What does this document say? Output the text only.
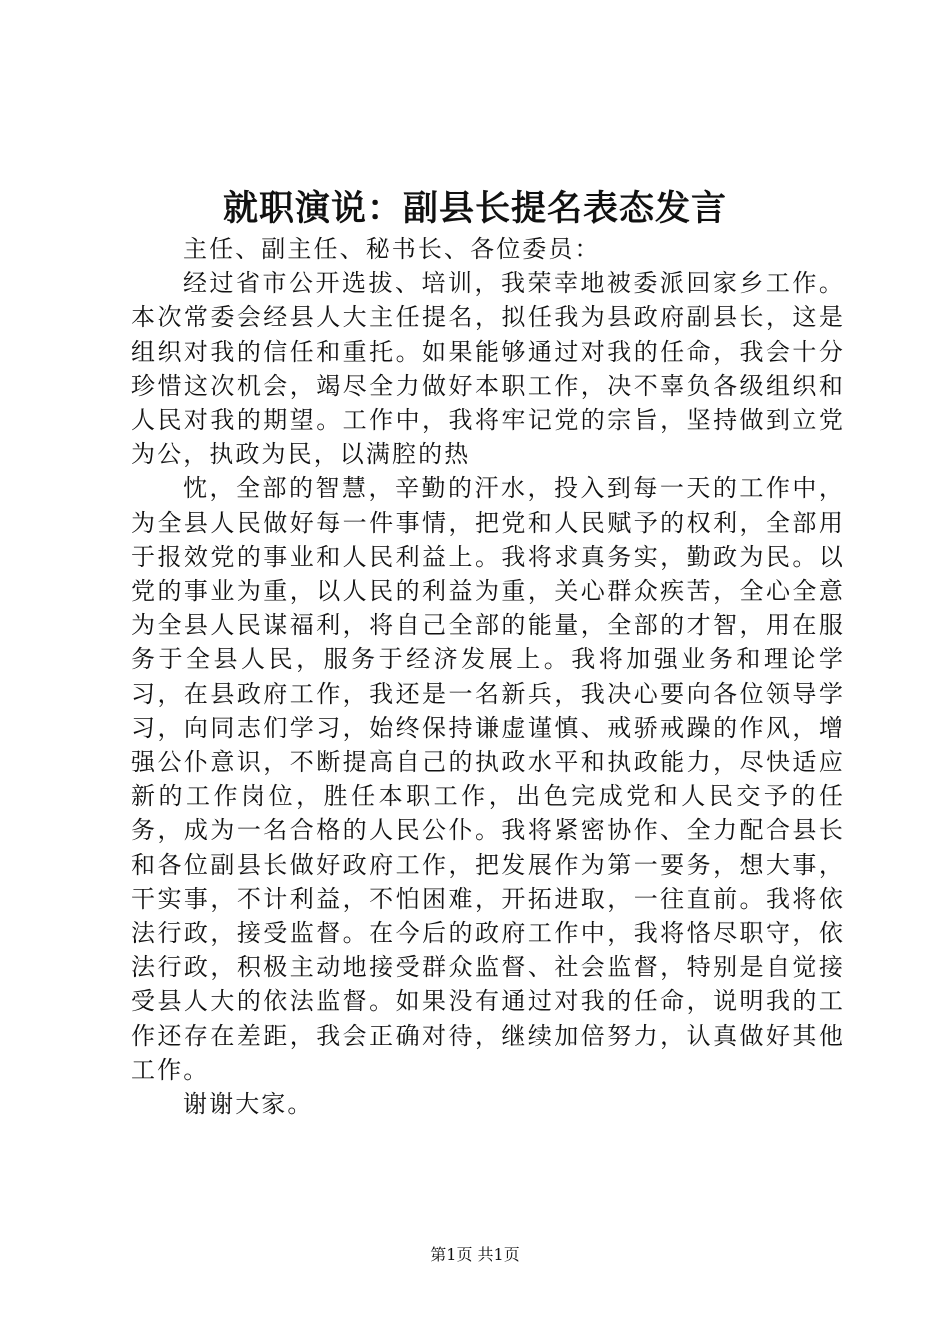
就职演说：副县长提名表态发言

主任、副主任、秘书长、各位委员：

经过省市公开选拔、培训，我荣幸地被委派回家乡工作。本次常委会经县人大主任提名，拟任我为县政府副县长，这是组织对我的信任和重托。如果能够通过对我的任命，我会十分珍惜这次机会，竭尽全力做好本职工作，决不辜负各级组织和人民对我的期望。工作中，我将牢记党的宗旨，坚持做到立党为公，执政为民，以满腔的热

忱，全部的智慧，辛勤的汗水，投入到每一天的工作中，为全县人民做好每一件事情，把党和人民赋予的权利，全部用于报效党的事业和人民利益上。我将求真务实，勤政为民。以党的事业为重，以人民的利益为重，关心群众疾苦，全心全意为全县人民谋福利，将自己全部的能量，全部的才智，用在服务于全县人民，服务于经济发展上。我将加强业务和理论学习，在县政府工作，我还是一名新兵，我决心要向各位领导学习，向同志们学习，始终保持谦虚谨慎、戒骄戒躁的作风，增强公仆意识，不断提高自己的执政水平和执政能力，尽快适应新的工作岗位，胜任本职工作，出色完成党和人民交予的任务，成为一名合格的人民公仆。我将紧密协作、全力配合县长和各位副县长做好政府工作，把发展作为第一要务，想大事，干实事，不计利益，不怕困难，开拓进取，一往直前。我将依法行政，接受监督。在今后的政府工作中，我将恪尽职守，依法行政，积极主动地接受群众监督、社会监督，特别是自觉接受县人大的依法监督。如果没有通过对我的任命，说明我的工作还存在差距，我会正确对待，继续加倍努力，认真做好其他工作。

谢谢大家。

第1页 共1页
